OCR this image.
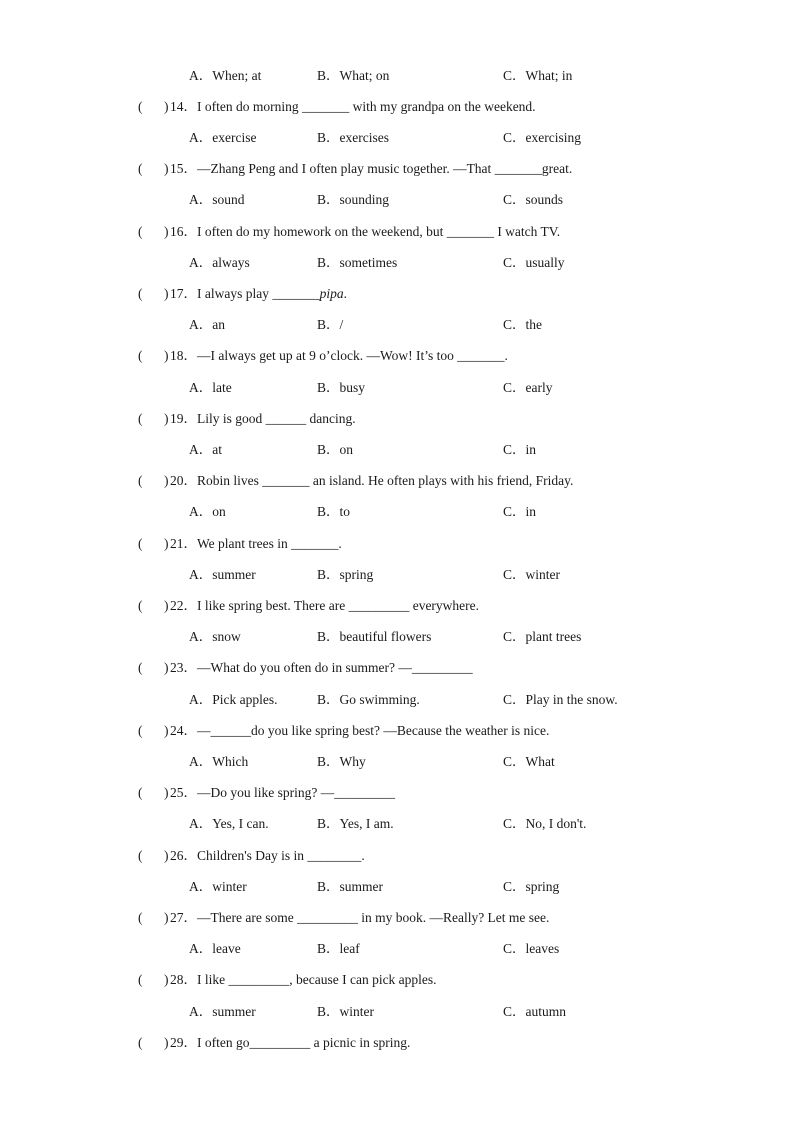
A．When; at	B．What; on	C．What; in
( ) 14． I often do morning _______ with my grandpa on the weekend.
A．exercise	B．exercises	C．exercising
( ) 15． —Zhang Peng and I often play music together. —That _______great.
A．sound	B．sounding	C．sounds
( ) 16． I often do my homework on the weekend, but _______ I watch TV.
A．always	B．sometimes	C．usually
( ) 17． I always play _______pipa.
A．an	B．/	C．the
( ) 18． —I always get up at 9 o’clock. —Wow! It’s too _______.
A．late	B．busy	C．early
( ) 19． Lily is good ______ dancing.
A．at	B．on	C．in
( ) 20． Robin lives _______ an island. He often plays with his friend, Friday.
A．on	B．to	C．in
( ) 21． We plant trees in _______.
A．summer	B．spring	C．winter
( ) 22． I like spring best. There are _________ everywhere.
A．snow	B．beautiful flowers	C．plant trees
( ) 23． —What do you often do in summer? —_________
A．Pick apples.	B．Go swimming.	C．Play in the snow.
( ) 24． —______do you like spring best? —Because the weather is nice.
A．Which	B．Why	C．What
( ) 25． —Do you like spring? —_________
A．Yes, I can.	B．Yes, I am.	C．No, I don't.
( ) 26． Children's Day is in ________.
A．winter	B．summer	C．spring
( ) 27． —There are some _________ in my book. —Really? Let me see.
A．leave	B．leaf	C．leaves
( ) 28． I like _________, because I can pick apples.
A．summer	B．winter	C．autumn
( ) 29． I often go_________ a picnic in spring.
